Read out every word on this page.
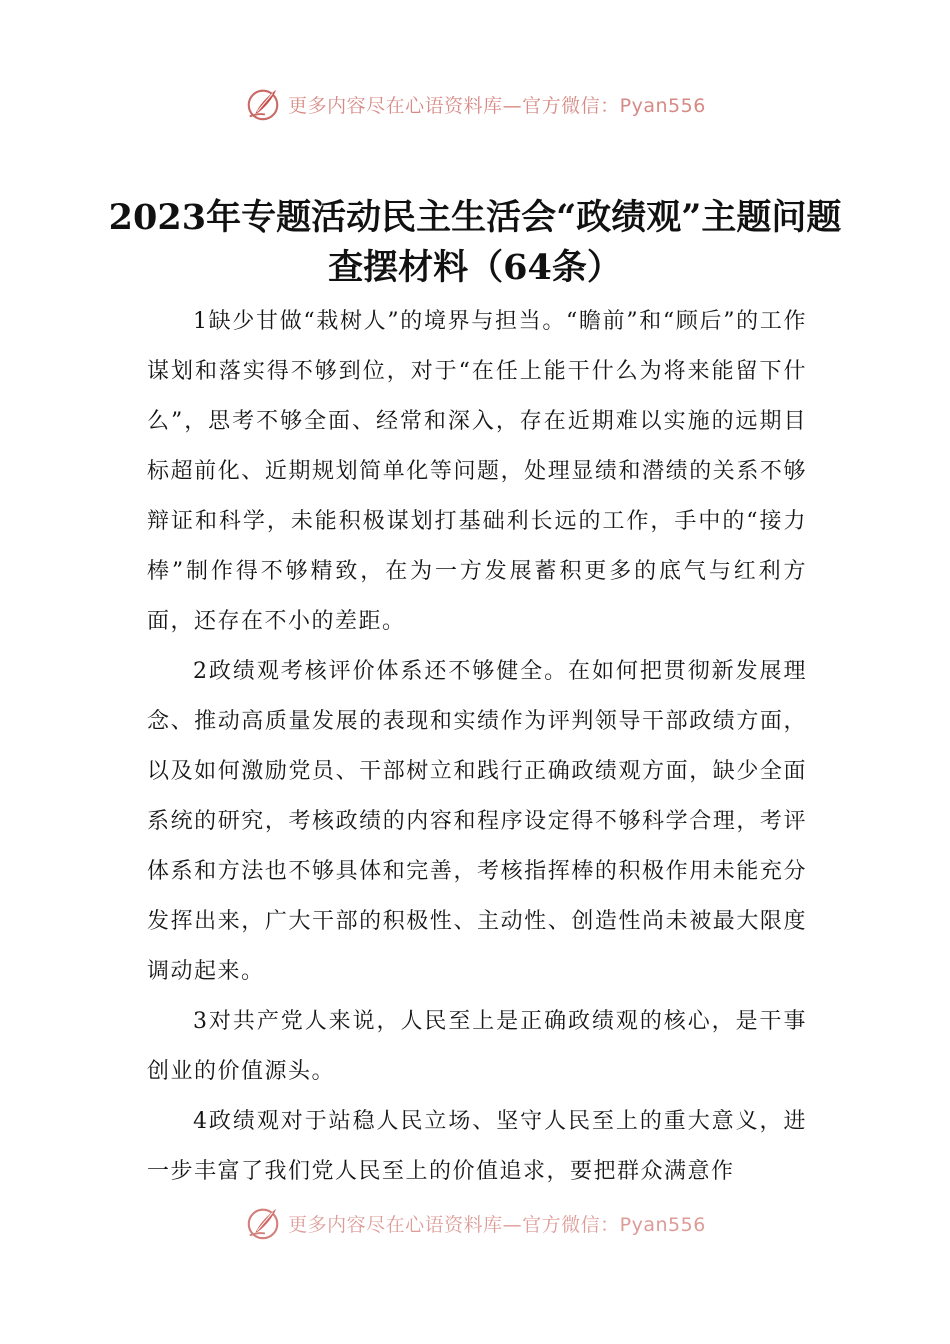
更多内容尽在心语资料库—官方微信：Pyan556
2023年专题活动民主生活会“政绩观”主题问题查摆材料（64条）

1缺少甘做“栽树人”的境界与担当。“瞻前”和“顾后”的工作谋划和落实得不够到位，对于“在任上能干什么为将来能留下什么”，思考不够全面、经常和深入，存在近期难以实施的远期目标超前化、近期规划简单化等问题，处理显绩和潜绩的关系不够辩证和科学，未能积极谋划打基础利长远的工作，手中的“接力棒”制作得不够精致，在为一方发展蓄积更多的底气与红利方面，还存在不小的差距。

2政绩观考核评价体系还不够健全。在如何把贯彻新发展理念、推动高质量发展的表现和实绩作为评判领导干部政绩方面，以及如何激励党员、干部树立和践行正确政绩观方面，缺少全面系统的研究，考核政绩的内容和程序设定得不够科学合理，考评体系和方法也不够具体和完善，考核指挥棒的积极作用未能充分发挥出来，广大干部的积极性、主动性、创造性尚未被最大限度调动起来。

3对共产党人来说，人民至上是正确政绩观的核心，是干事创业的价值源头。

4政绩观对于站稳人民立场、坚守人民至上的重大意义，进一步丰富了我们党人民至上的价值追求，要把群众满意作

更多内容尽在心语资料库—官方微信：Pyan556
